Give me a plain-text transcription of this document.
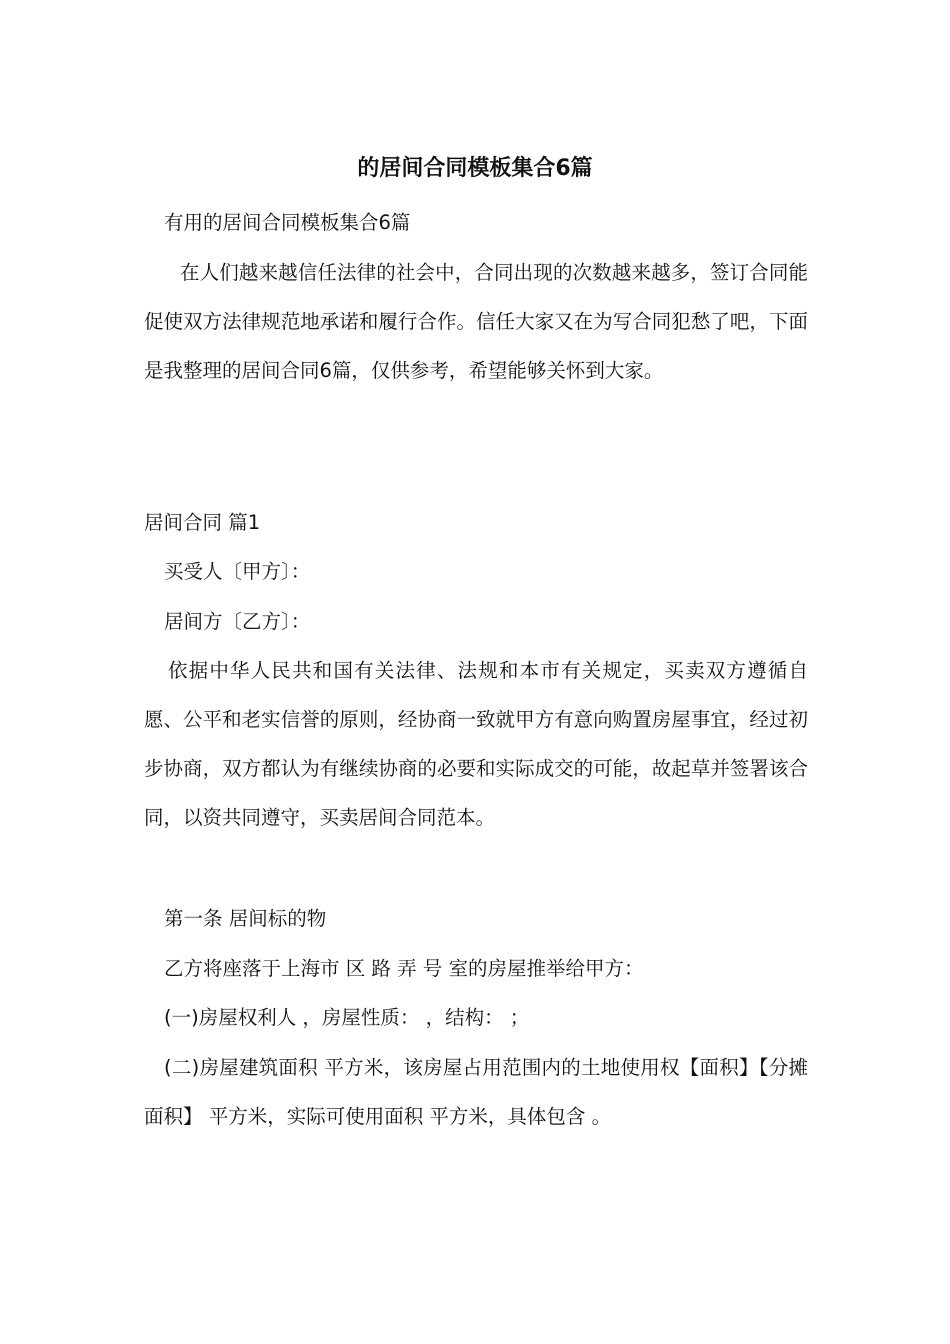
的居间合同模板集合6篇

有用的居间合同模板集合6篇

在人们越来越信任法律的社会中，合同出现的次数越来越多，签订合同能促使双方法律规范地承诺和履行合作。信任大家又在为写合同犯愁了吧，下面是我整理的居间合同6篇，仅供参考，希望能够关怀到大家。

居间合同 篇1

买受人〔甲方〕：

居间方〔乙方〕：

依据中华人民共和国有关法律、法规和本市有关规定，买卖双方遵循自愿、公平和老实信誉的原则，经协商一致就甲方有意向购置房屋事宜，经过初步协商，双方都认为有继续协商的必要和实际成交的可能，故起草并签署该合同，以资共同遵守，买卖居间合同范本。

第一条 居间标的物

乙方将座落于上海市 区 路 弄 号 室的房屋推举给甲方：

(一)房屋权利人 ，房屋性质： ，结构： ；

(二)房屋建筑面积 平方米，该房屋占用范围内的土地使用权【面积】【分摊面积】 平方米，实际可使用面积 平方米，具体包含 。
